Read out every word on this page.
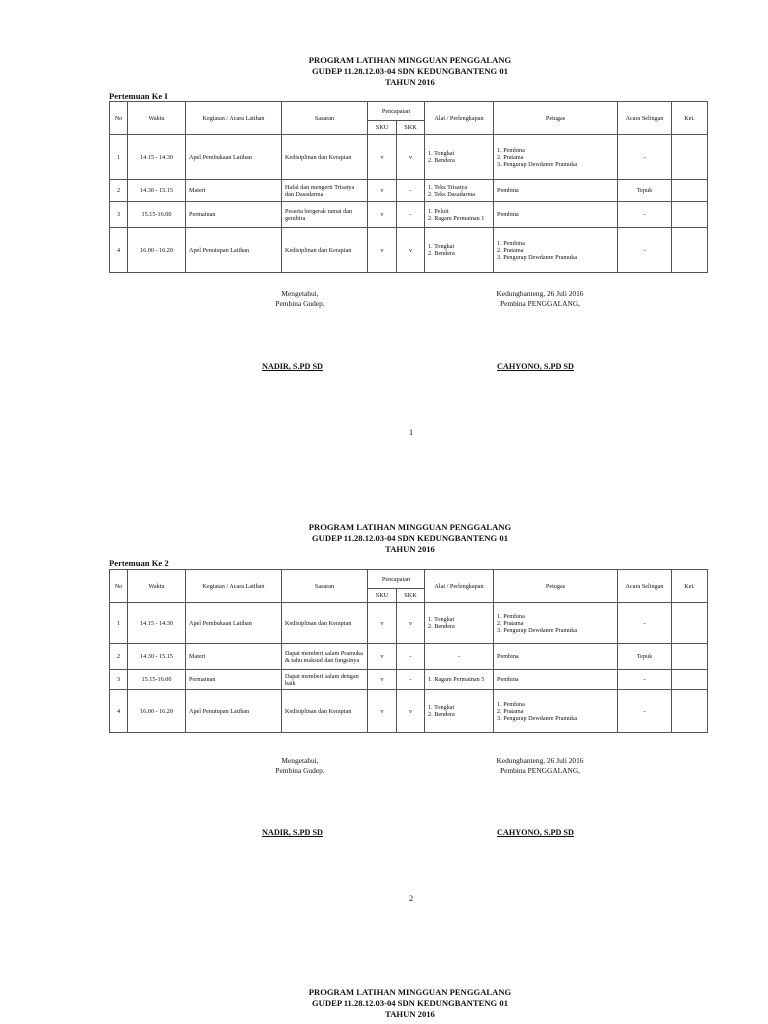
PROGRAM LATIHAN MINGGUAN PENGGALANG
GUDEP 11.28.12.03-04 SDN KEDUNGBANTENG 01
TAHUN 2016
Pertemuan Ke I
No	Waktu	Kegiatan / Acara Latihan	Sasaran	Pencapaian		Alat / Perlengkapan	Petugas	Acara Selingan	Ket.
				SKU	SKK				
1	14.15 - 14.30	Apel Pembukaan Latihan	Kedisiplinan dan Kerapian	v	v	1. Tongkat
2. Bendera	1. Pembina
2. Pratama
3. Pengurap Dewdanre Pramuka	-	
2	14.30 - 15.15	Materi	Hafal dan mengerti Trisatya dan Dasadarma	v	-	1. Teks Trisatya
2. Teks Dasadarma	Pembina	Tepuk	
3	15.15-16.00	Permainan	Peserta bergerak ramai dan gembira	v	-	1. Peluit
2. Ragam Permainan 1	Pembina	-	
4	16.00 - 16.20	Apel Penutupan Latihan	Kedisiplinan dan Kerapian	v	v	1. Tongkat
2. Bendera	1. Pembina
2. Pratama
3. Pengurap Dewdanre Pramuka	-	
Mengetahui,
Pembina Gudep.
Kedungbanteng, 26 Juli 2016
Pembina PENGGALANG,
NADIR, S.PD SD	CAHYONO, S.PD SD
1
PROGRAM LATIHAN MINGGUAN PENGGALANG
GUDEP 11.28.12.03-04 SDN KEDUNGBANTENG 01
TAHUN 2016
Pertemuan Ke 2
No	Waktu	Kegiatan / Acara Latihan	Sasaran	Pencapaian		Alat / Perlengkapan	Petugas	Acara Selingan	Ket.
				SKU	SKK				
1	14.15 - 14.30	Apel Pembukaan Latihan	Kedisiplinan dan Kerapian	v	v	1. Tongkat
2. Bendera	1. Pembina
2. Pratama
3. Pengurap Dewdanre Pramuka	-	
2	14.30 - 15.15	Materi	Dapat memberi salam Pramuka & tahu maksud dan fungsinya	v	-	-	Pembina	Tepuk	
3	15.15-16.00	Permainan	Dapat memberi salam dengan baik	v	-	1. Ragam Permainan 5	Pembina	-	
4	16.00 - 16.20	Apel Penutupan Latihan	Kedisiplinan dan Kerapian	v	v	1. Tongkat
2. Bendera	1. Pembina
2. Pratama
3. Pengurap Dewdanre Pramuka	-	
Mengetahui,
Pembina Gudep.
Kedungbanteng, 26 Juli 2016
Pembina PENGGALANG,
NADIR, S.PD SD	CAHYONO, S.PD SD
2
PROGRAM LATIHAN MINGGUAN PENGGALANG
GUDEP 11.28.12.03-04 SDN KEDUNGBANTENG 01
TAHUN 2016
